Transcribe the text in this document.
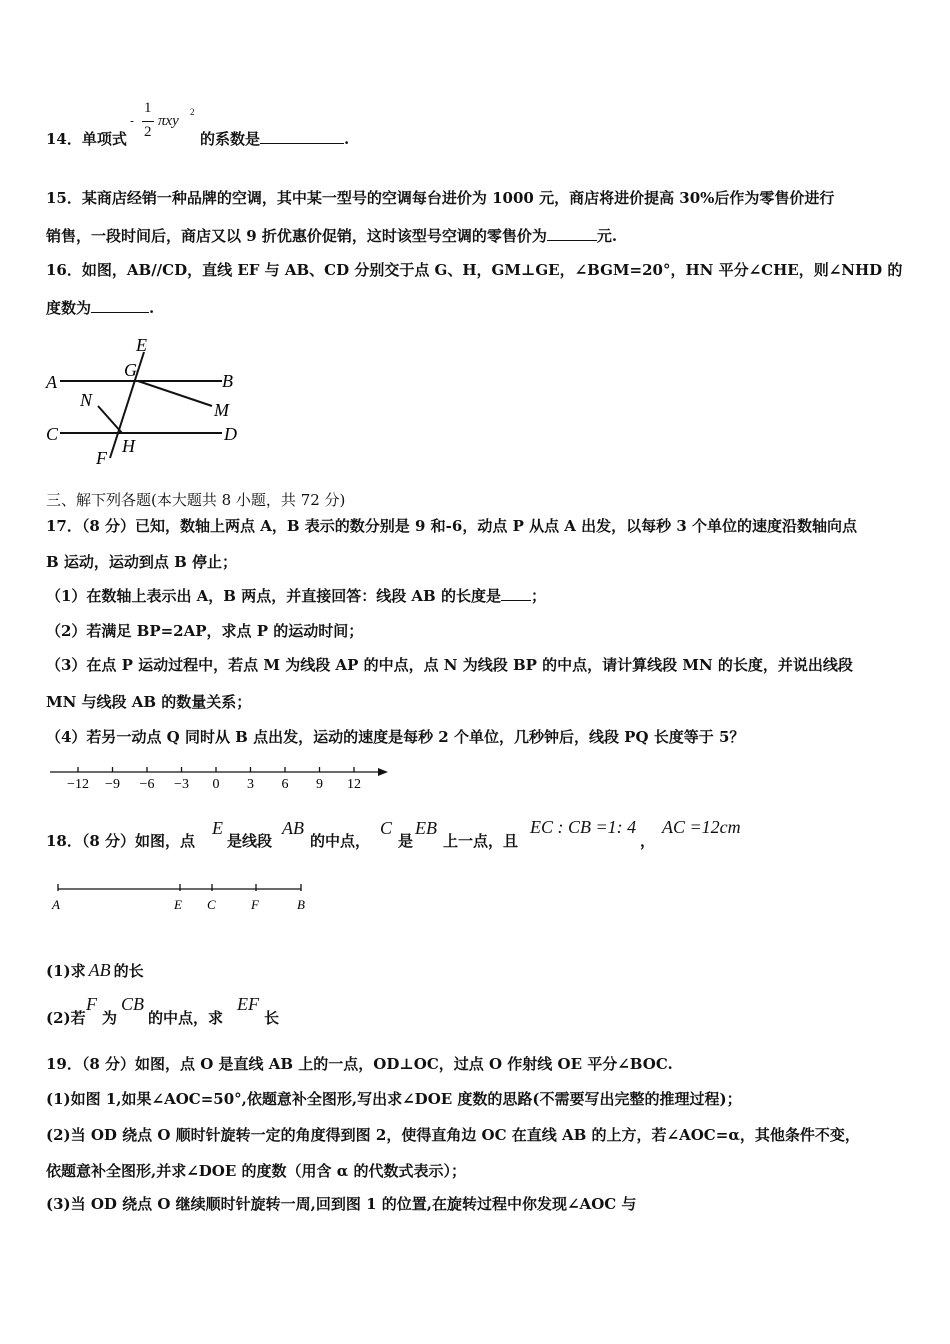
14．单项式
-
1
2
πxy
2
的系数是	.
15．某商店经销一种品牌的空调，其中某一型号的空调每台进价为 1000 元，商店将进价提高 30%后作为零售价进行
销售，一段时间后，商店又以 9 折优惠价促销，这时该型号空调的零售价为	元.
16．如图，AB//CD，直线 EF 与 AB、CD 分别交于点 G、H，GM⊥GE，∠BGM=20°，HN 平分∠CHE，则∠NHD 的
度数为	.
E
G
A	B
N	M
C
H
D
F
三、解下列各题(本大题共 8 小题，共 72 分)
17．（8 分）已知，数轴上两点 A，B 表示的数分别是 9 和-6，动点 P 从点 A 出发，以每秒 3 个单位的速度沿数轴向点
B 运动，运动到点 B 停止；
（1）在数轴上表示出 A，B 两点，并直接回答：线段 AB 的长度是 ；
（2）若满足 BP=2AP，求点 P 的运动时间；
（3）在点 P 运动过程中，若点 M 为线段 AP 的中点，点 N 为线段 BP 的中点，请计算线段 MN 的长度，并说出线段
MN 与线段 AB 的数量关系；
（4）若另一动点 Q 同时从 B 点出发，运动的速度是每秒 2 个单位，几秒钟后，线段 PQ 长度等于 5？
−12 −9 −6 −3 0 3 6 9 12
18．（8 分）如图，点
E
是线段
AB
的中点，
C
是
EB
上一点，且
EC : CB =1: 4
，
AC =12cm
A	E C	F	B
(1)求 AB 的长
(2)若
F
为
CB
的中点，求
EF
长
19．（8 分）如图，点 O 是直线 AB 上的一点，OD⊥OC，过点 O 作射线 OE 平分∠BOC.
(1)如图 1,如果∠AOC=50°,依题意补全图形,写出求∠DOE 度数的思路(不需要写出完整的推理过程)；
(2)当 OD 绕点 O 顺时针旋转一定的角度得到图 2，使得直角边 OC 在直线 AB 的上方，若∠AOC=α，其他条件不变，
依题意补全图形,并求∠DOE 的度数（用含 α 的代数式表示）；
(3)当 OD 绕点 O 继续顺时针旋转一周,回到图 1 的位置,在旋转过程中你发现∠AOC 与
